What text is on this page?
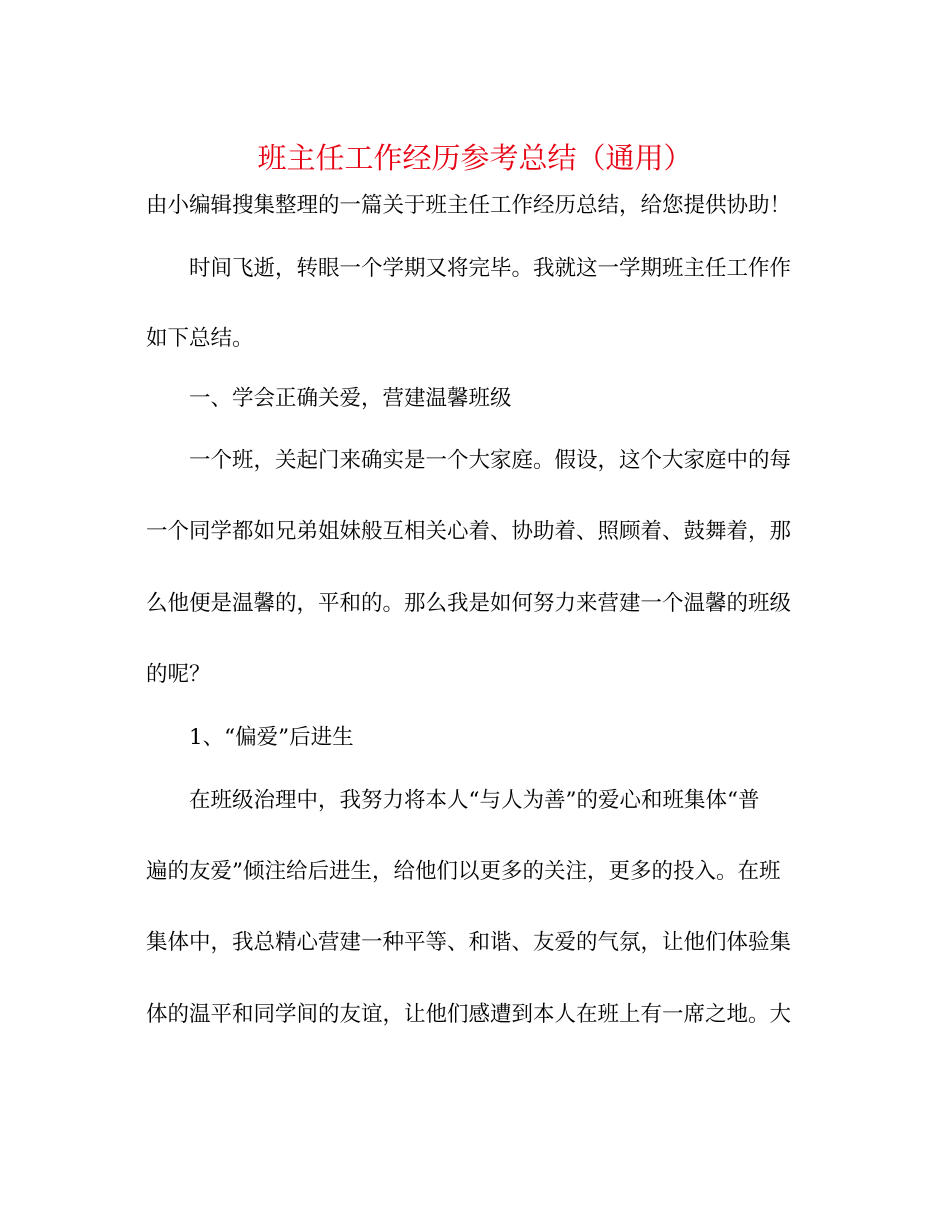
班主任工作经历参考总结（通用）

由小编辑搜集整理的一篇关于班主任工作经历总结，给您提供协助！

时间飞逝，转眼一个学期又将完毕。我就这一学期班主任工作作

如下总结。

一、学会正确关爱，营建温馨班级

一个班，关起门来确实是一个大家庭。假设，这个大家庭中的每

一个同学都如兄弟姐妹般互相关心着、协助着、照顾着、鼓舞着，那

么他便是温馨的，平和的。那么我是如何努力来营建一个温馨的班级

的呢？

1、“偏爱”后进生

在班级治理中，我努力将本人“与人为善”的爱心和班集体“普

遍的友爱”倾注给后进生，给他们以更多的关注，更多的投入。在班

集体中，我总精心营建一种平等、和谐、友爱的气氛，让他们体验集

体的温平和同学间的友谊，让他们感遭到本人在班上有一席之地。大
